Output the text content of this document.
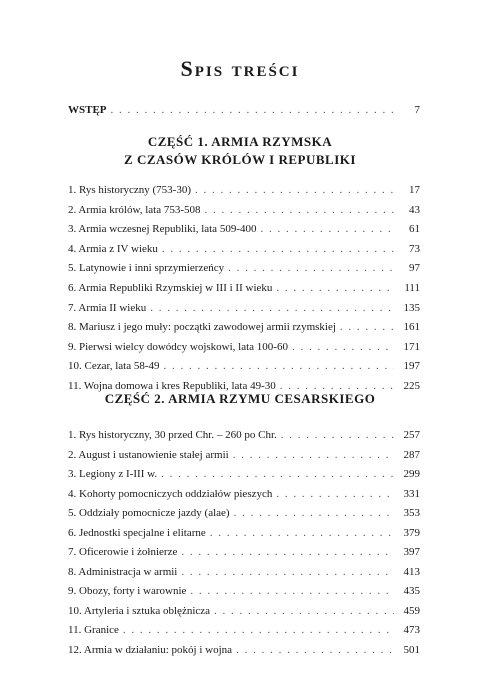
Spis treści
WSTĘP . . .	7
CZĘŚĆ 1. ARMIA RZYMSKA
Z CZASÓW KRÓLÓW I REPUBLIKI
1. Rys historyczny (753-30) . . .	17
2. Armia królów, lata 753-508 . . .	43
3. Armia wczesnej Republiki, lata 509-400 . . .	61
4. Armia z IV wieku . . .	73
5. Latynowie i inni sprzymierzeńcy . . .	97
6. Armia Republiki Rzymskiej w III i II wieku . . .	111
7. Armia II wieku . . .	135
8. Mariusz i jego muły: początki zawodowej armii rzymskiej . . .	161
9. Pierwsi wielcy dowódcy wojskowi, lata 100-60 . . .	171
10. Cezar, lata 58-49 . . .	197
11. Wojna domowa i kres Republiki, lata 49-30 . . .	225
CZĘŚĆ 2. ARMIA RZYMU CESARSKIEGO
1. Rys historyczny, 30 przed Chr. – 260 po Chr. . . .	257
2. August i ustanowienie stałej armii . . .	287
3. Legiony z I-III w. . . .	299
4. Kohorty pomocniczych oddziałów pieszych . . .	331
5. Oddziały pomocnicze jazdy (alae) . . .	353
6. Jednostki specjalne i elitarne . . .	379
7. Oficerowie i żołnierze . . .	397
8. Administracja w armii . . .	413
9. Obozy, forty i warownie . . .	435
10. Artyleria i sztuka oblężnicza . . .	459
11. Granice . . .	473
12. Armia w działaniu: pokój i wojna . . .	501
